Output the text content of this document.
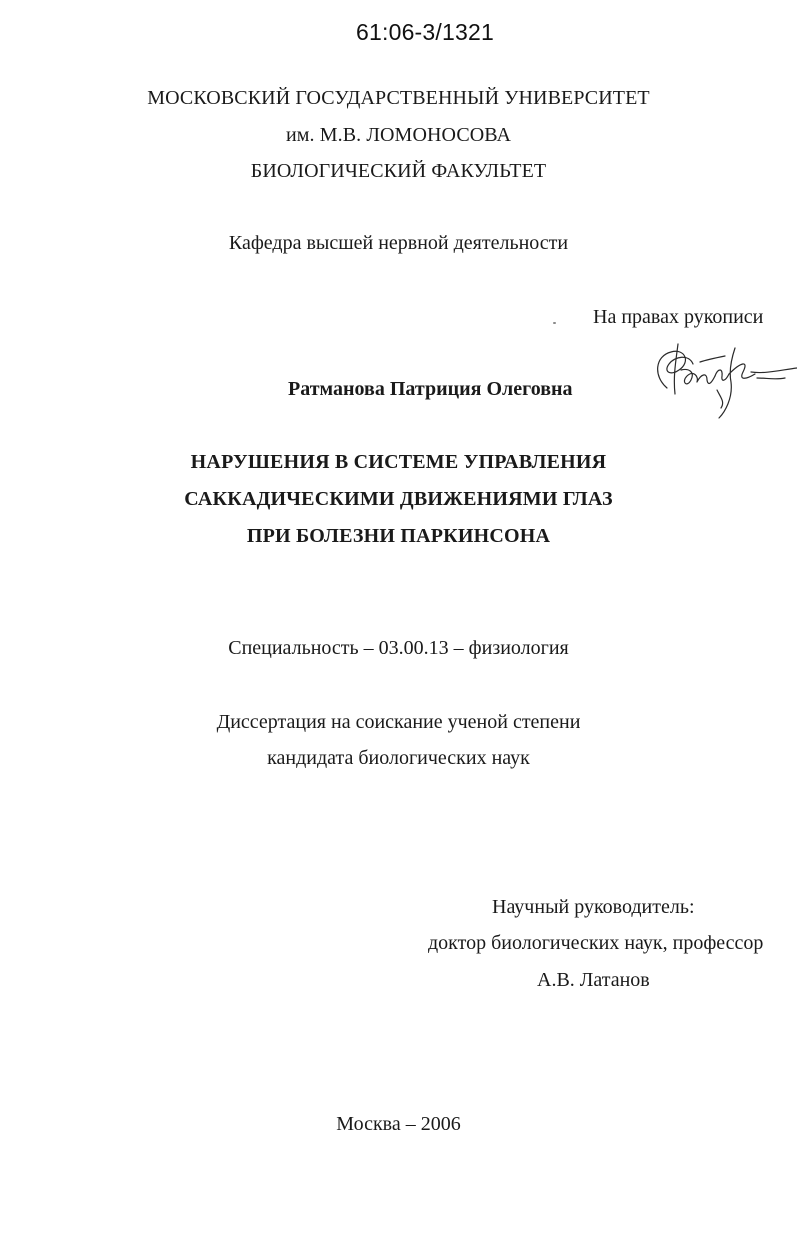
61:06-3/1321
МОСКОВСКИЙ ГОСУДАРСТВЕННЫЙ УНИВЕРСИТЕТ
им. М.В. ЛОМОНОСОВА
БИОЛОГИЧЕСКИЙ ФАКУЛЬТЕТ
Кафедра высшей нервной деятельности
На правах рукописи
Ратманова Патриция Олеговна
НАРУШЕНИЯ В СИСТЕМЕ УПРАВЛЕНИЯ
САККАДИЧЕСКИМИ ДВИЖЕНИЯМИ ГЛАЗ
ПРИ БОЛЕЗНИ ПАРКИНСОНА
Специальность – 03.00.13 – физиология
Диссертация на соискание ученой степени
кандидата биологических наук
Научный руководитель:
доктор биологических наук, профессор
А.В. Латанов
Москва – 2006
